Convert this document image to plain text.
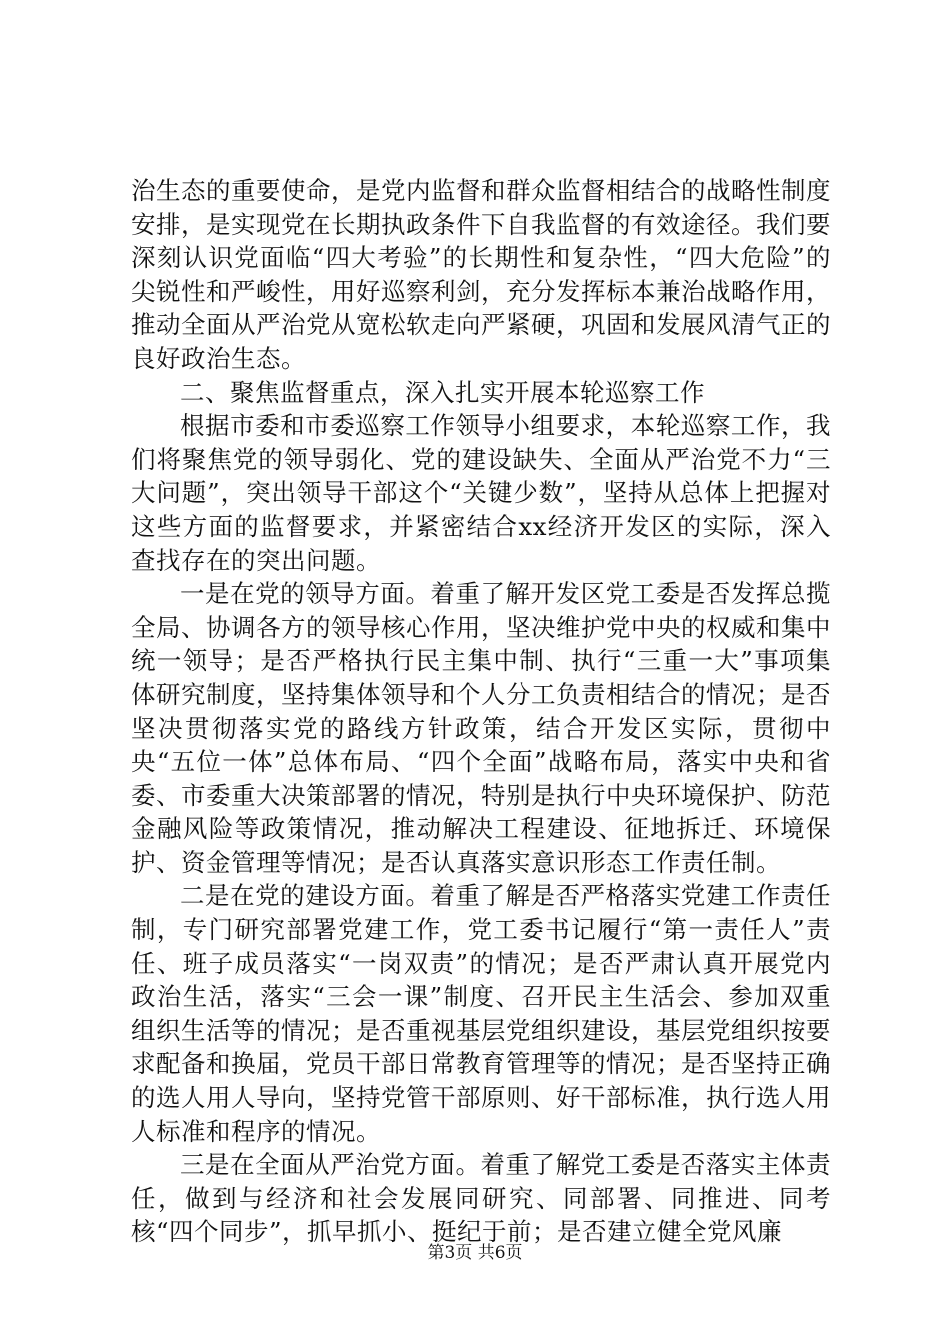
治生态的重要使命，是党内监督和群众监督相结合的战略性制度安排，是实现党在长期执政条件下自我监督的有效途径。我们要深刻认识党面临“四大考验”的长期性和复杂性，“四大危险”的尖锐性和严峻性，用好巡察利剑，充分发挥标本兼治战略作用，推动全面从严治党从宽松软走向严紧硬，巩固和发展风清气正的良好政治生态。

二、聚焦监督重点，深入扎实开展本轮巡察工作

根据市委和市委巡察工作领导小组要求，本轮巡察工作，我们将聚焦党的领导弱化、党的建设缺失、全面从严治党不力“三大问题”，突出领导干部这个“关键少数”，坚持从总体上把握对这些方面的监督要求，并紧密结合xx经济开发区的实际，深入查找存在的突出问题。

一是在党的领导方面。着重了解开发区党工委是否发挥总揽全局、协调各方的领导核心作用，坚决维护党中央的权威和集中统一领导；是否严格执行民主集中制、执行“三重一大”事项集体研究制度，坚持集体领导和个人分工负责相结合的情况；是否坚决贯彻落实党的路线方针政策，结合开发区实际，贯彻中央“五位一体”总体布局、“四个全面”战略布局，落实中央和省委、市委重大决策部署的情况，特别是执行中央环境保护、防范金融风险等政策情况，推动解决工程建设、征地拆迁、环境保护、资金管理等情况；是否认真落实意识形态工作责任制。

二是在党的建设方面。着重了解是否严格落实党建工作责任制，专门研究部署党建工作，党工委书记履行“第一责任人”责任、班子成员落实“一岗双责”的情况；是否严肃认真开展党内政治生活，落实“三会一课”制度、召开民主生活会、参加双重组织生活等的情况；是否重视基层党组织建设，基层党组织按要求配备和换届，党员干部日常教育管理等的情况；是否坚持正确的选人用人导向，坚持党管干部原则、好干部标准，执行选人用人标准和程序的情况。

三是在全面从严治党方面。着重了解党工委是否落实主体责任，做到与经济和社会发展同研究、同部署、同推进、同考核“四个同步”，抓早抓小、挺纪于前；是否建立健全党风廉

第3页 共6页
